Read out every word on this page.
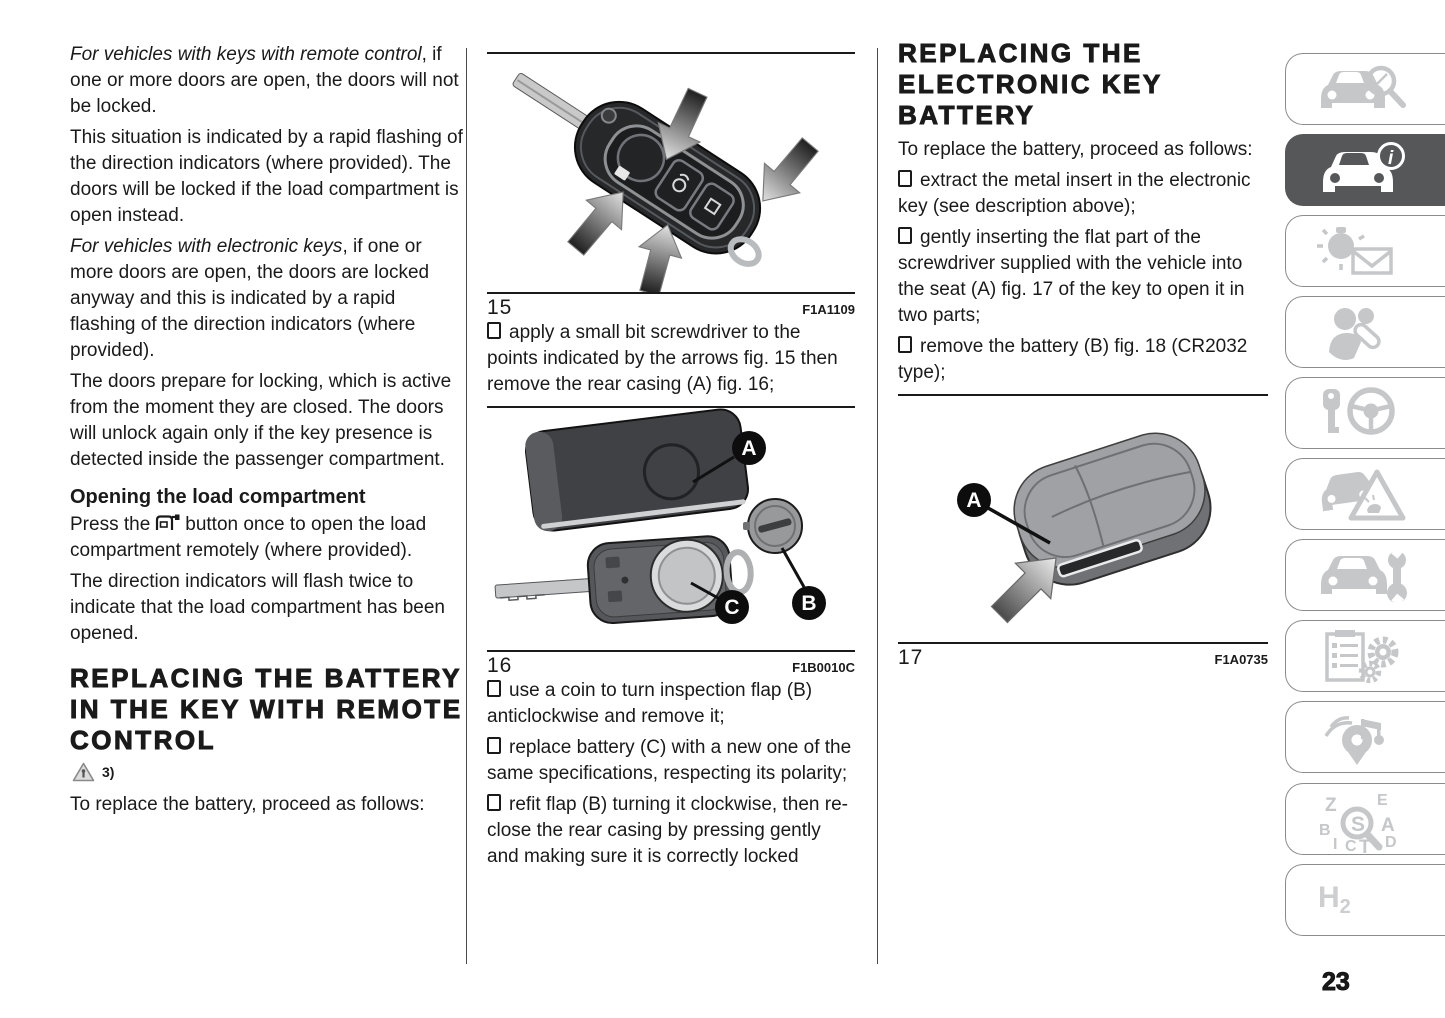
For vehicles with keys with remote control, if one or more doors are open, the doors will not be locked.

This situation is indicated by a rapid flashing of the direction indicators (where provided). The doors will be locked if the load compartment is open instead.

For vehicles with electronic keys, if one or more doors are open, the doors are locked anyway and this is indicated by a rapid flashing of the direction indicators (where provided).

The doors prepare for locking, which is active from the moment they are closed. The doors will unlock again only if the key presence is detected inside the passenger compartment.

Opening the load compartment

Press the button once to open the load compartment remotely (where provided).

The direction indicators will flash twice to indicate that the load compartment has been opened.

REPLACING THE BATTERY IN THE KEY WITH REMOTE CONTROL
3)

To replace the battery, proceed as follows:

15	F1A1109

apply a small bit screwdriver to the points indicated by the arrows fig. 15 then remove the rear casing (A) fig. 16;

A
B
C
16	F1B0010C

use a coin to turn inspection flap (B) anticlockwise and remove it;

replace battery (C) with a new one of the same specifications, respecting its polarity;

refit flap (B) turning it clockwise, then re-close the rear casing by pressing gently and making sure it is correctly locked

REPLACING THE ELECTRONIC KEY BATTERY

To replace the battery, proceed as follows:

extract the metal insert in the electronic key (see description above);

gently inserting the flat part of the screwdriver supplied with the vehicle into the seat (A) fig. 17 of the key to open it in two parts;

remove the battery (B) fig. 18 (CR2032 type);

A
17	F1A0735
i
Z	E
B	A
S
I C T D
$H_2$
23
